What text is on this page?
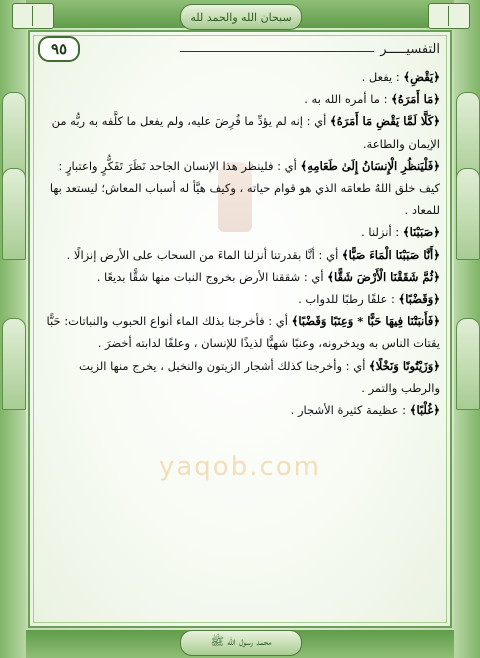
سبحان الله والحمد لله
محمد رسول الله ﷺ
٩٥	التفسيـــــر
yaqob.com

﴿يَقْضِ﴾ : يفعل .

﴿مَا أَمَرَهُ﴾ : ما أمره الله به .

﴿كَلَّا لَمَّا يَقْضِ مَا أَمَرَهُ﴾ أي : إنه لم يؤدِّ ما فُرِضَ عليه، ولم يفعل ما كلَّفه به ربُّه من الإيمان والطاعة.

﴿فَلْيَنظُرِ الْإِنسَانُ إِلَىٰ طَعَامِهِ﴾ أي : فلينظر هذا الإنسان الجاحد نَظَرَ تَفَكُّرٍ واعتبارٍ : كيف خلق اللهُ طعامَه الذي هو قوام حياته ، وكيف هيَّأ له أسباب المعاش؛ ليستعد بها للمعاد .

﴿صَبَبْنَا﴾ : أنزلنا .

﴿أَنَّا صَبَبْنَا الْمَاءَ صَبًّا﴾ أي : أنَّا بقدرتنا أنزلنا الماءَ من السحاب على الأرض إنزالًا .

﴿ثُمَّ شَقَقْنَا الْأَرْضَ شَقًّا﴾ أي : شققنا الأرض بخروج النبات منها شقًّا بديعًا .

﴿وَقَضْبًا﴾ : علفًا رطبًا للدواب .

﴿فَأَنبَتْنَا فِيهَا حَبًّا * وَعِنَبًا وَقَضْبًا﴾ أي : فأخرجنا بذلك الماء أنواع الحبوب والنباتات: حَبًّا يقتات الناس به ويدخرونه، وعنبًا شهيًّا لذيذًا للإنسان ، وعلفًا لدابته أخضرَ .

﴿وَزَيْتُونًا وَنَخْلًا﴾ أي : وأخرجنا كذلك أشجار الزيتون والنخيل ، يخرج منها الزيت والرطب والتمر .

﴿غُلْبًا﴾ : عظيمة كثيرة الأشجار .
